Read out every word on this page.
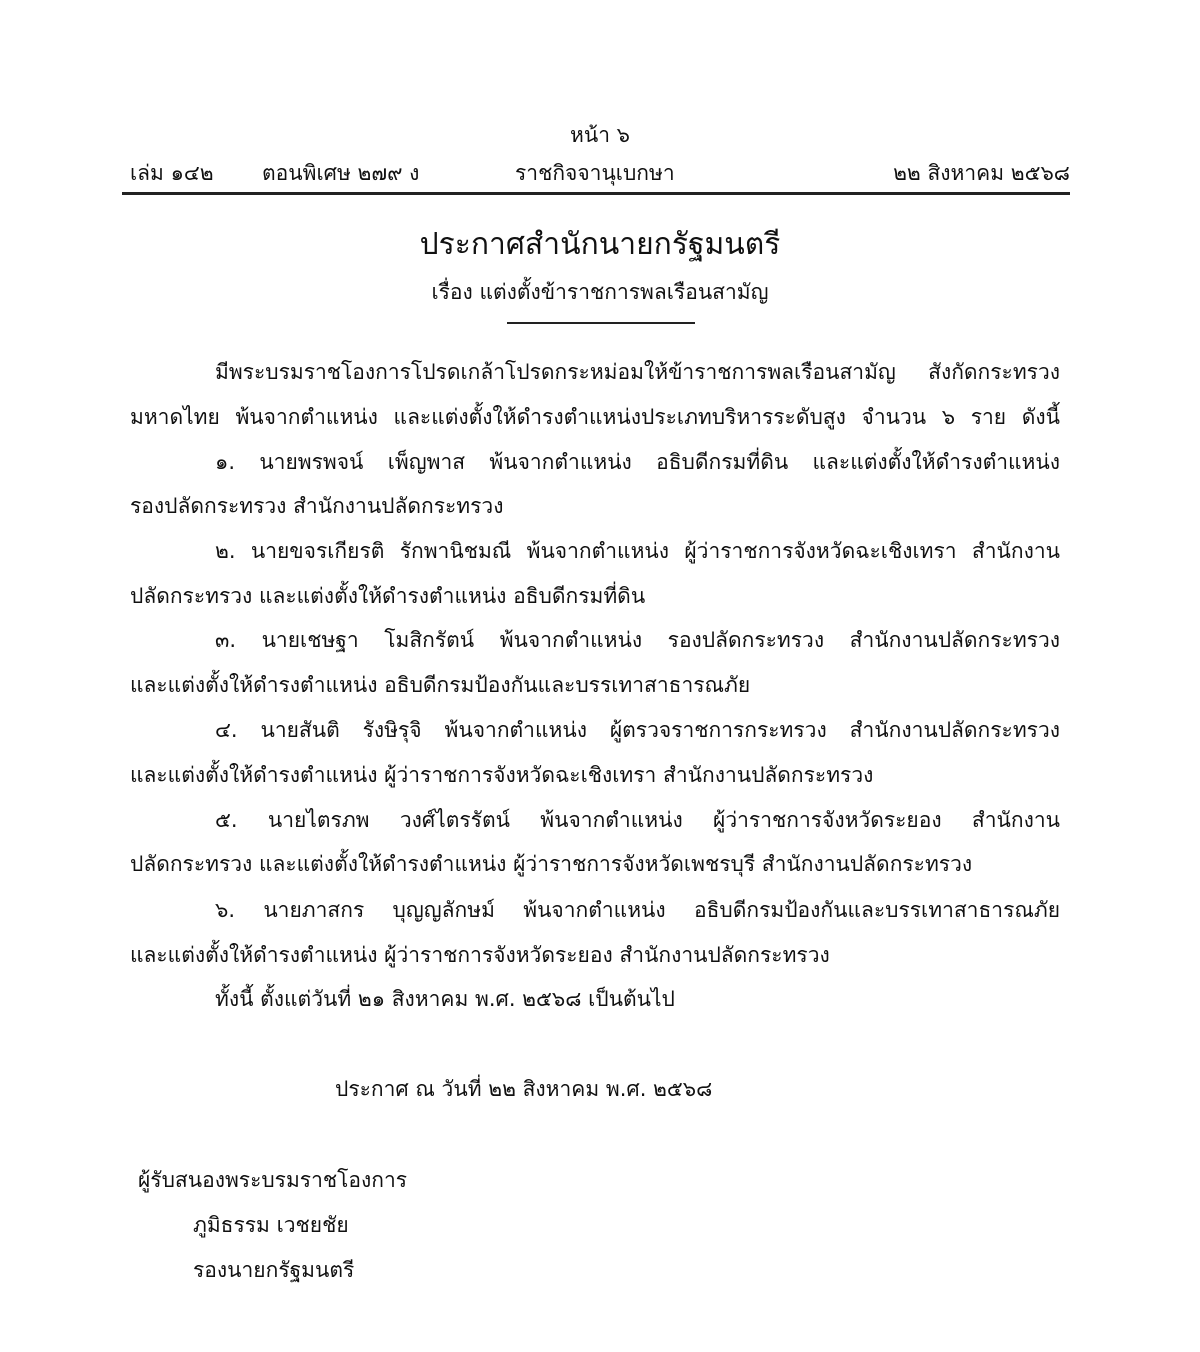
หน้า ๖
เล่ม ๑๔๒ ตอนพิเศษ ๒๗๙ ง	ราชกิจจานุเบกษา	๒๒ สิงหาคม ๒๕๖๘
ประกาศสำนักนายกรัฐมนตรี
เรื่อง แต่งตั้งข้าราชการพลเรือนสามัญ
มีพระบรมราชโองการโปรดเกล้าโปรดกระหม่อมให้ข้าราชการพลเรือนสามัญ สังกัดกระทรวง
มหาดไทย พ้นจากตำแหน่ง และแต่งตั้งให้ดำรงตำแหน่งประเภทบริหารระดับสูง จำนวน ๖ ราย ดังนี้
๑. นายพรพจน์ เพ็ญพาส พ้นจากตำแหน่ง อธิบดีกรมที่ดิน และแต่งตั้งให้ดำรงตำแหน่ง
รองปลัดกระทรวง สำนักงานปลัดกระทรวง
๒. นายขจรเกียรติ รักพานิชมณี พ้นจากตำแหน่ง ผู้ว่าราชการจังหวัดฉะเชิงเทรา สำนักงาน
ปลัดกระทรวง และแต่งตั้งให้ดำรงตำแหน่ง อธิบดีกรมที่ดิน
๓. นายเชษฐา โมสิกรัตน์ พ้นจากตำแหน่ง รองปลัดกระทรวง สำนักงานปลัดกระทรวง
และแต่งตั้งให้ดำรงตำแหน่ง อธิบดีกรมป้องกันและบรรเทาสาธารณภัย
๔. นายสันติ รังษิรุจิ พ้นจากตำแหน่ง ผู้ตรวจราชการกระทรวง สำนักงานปลัดกระทรวง
และแต่งตั้งให้ดำรงตำแหน่ง ผู้ว่าราชการจังหวัดฉะเชิงเทรา สำนักงานปลัดกระทรวง
๕. นายไตรภพ วงศ์ไตรรัตน์ พ้นจากตำแหน่ง ผู้ว่าราชการจังหวัดระยอง สำนักงาน
ปลัดกระทรวง และแต่งตั้งให้ดำรงตำแหน่ง ผู้ว่าราชการจังหวัดเพชรบุรี สำนักงานปลัดกระทรวง
๖. นายภาสกร บุญญลักษม์ พ้นจากตำแหน่ง อธิบดีกรมป้องกันและบรรเทาสาธารณภัย
และแต่งตั้งให้ดำรงตำแหน่ง ผู้ว่าราชการจังหวัดระยอง สำนักงานปลัดกระทรวง
ทั้งนี้ ตั้งแต่วันที่ ๒๑ สิงหาคม พ.ศ. ๒๕๖๘ เป็นต้นไป
ประกาศ ณ วันที่ ๒๒ สิงหาคม พ.ศ. ๒๕๖๘
ผู้รับสนองพระบรมราชโองการ
ภูมิธรรม เวชยชัย
รองนายกรัฐมนตรี
